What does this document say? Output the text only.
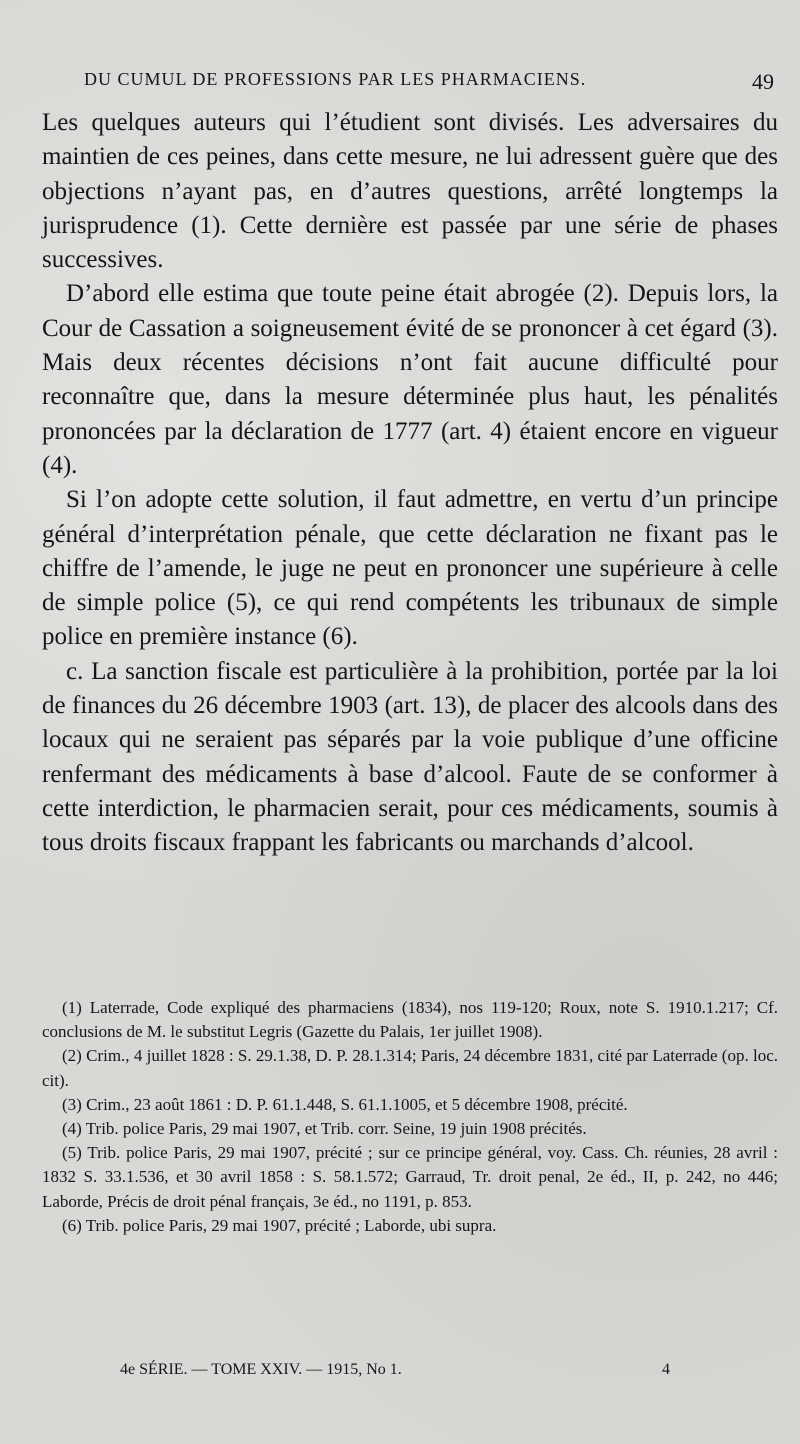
DU CUMUL DE PROFESSIONS PAR LES PHARMACIENS.	49

Les quelques auteurs qui l’étudient sont divisés. Les adversaires du maintien de ces peines, dans cette mesure, ne lui adressent guère que des objections n’ayant pas, en d’autres questions, arrêté longtemps la jurisprudence (1). Cette dernière est passée par une série de phases successives.

D’abord elle estima que toute peine était abrogée (2). Depuis lors, la Cour de Cassation a soigneusement évité de se prononcer à cet égard (3). Mais deux récentes décisions n’ont fait aucune difficulté pour reconnaître que, dans la mesure déterminée plus haut, les pénalités prononcées par la déclaration de 1777 (art. 4) étaient encore en vigueur (4).

Si l’on adopte cette solution, il faut admettre, en vertu d’un principe général d’interprétation pénale, que cette déclaration ne fixant pas le chiffre de l’amende, le juge ne peut en prononcer une supérieure à celle de simple police (5), ce qui rend compétents les tribunaux de simple police en première instance (6).

c. La sanction fiscale est particulière à la prohibition, portée par la loi de finances du 26 décembre 1903 (art. 13), de placer des alcools dans des locaux qui ne seraient pas séparés par la voie publique d’une officine renfermant des médicaments à base d’alcool. Faute de se conformer à cette interdiction, le pharmacien serait, pour ces médicaments, soumis à tous droits fiscaux frappant les fabricants ou marchands d’alcool.

(1) Laterrade, Code expliqué des pharmaciens (1834), nos 119-120; Roux, note S. 1910.1.217; Cf. conclusions de M. le substitut Legris (Gazette du Palais, 1er juillet 1908).

(2) Crim., 4 juillet 1828 : S. 29.1.38, D. P. 28.1.314; Paris, 24 décembre 1831, cité par Laterrade (op. loc. cit).

(3) Crim., 23 août 1861 : D. P. 61.1.448, S. 61.1.1005, et 5 décembre 1908, précité.

(4) Trib. police Paris, 29 mai 1907, et Trib. corr. Seine, 19 juin 1908 précités.

(5) Trib. police Paris, 29 mai 1907, précité ; sur ce principe général, voy. Cass. Ch. réunies, 28 avril : 1832 S. 33.1.536, et 30 avril 1858 : S. 58.1.572; Garraud, Tr. droit penal, 2e éd., II, p. 242, no 446; Laborde, Précis de droit pénal français, 3e éd., no 1191, p. 853.

(6) Trib. police Paris, 29 mai 1907, précité ; Laborde, ubi supra.

4e SÉRIE. — TOME XXIV. — 1915, No 1.	4
